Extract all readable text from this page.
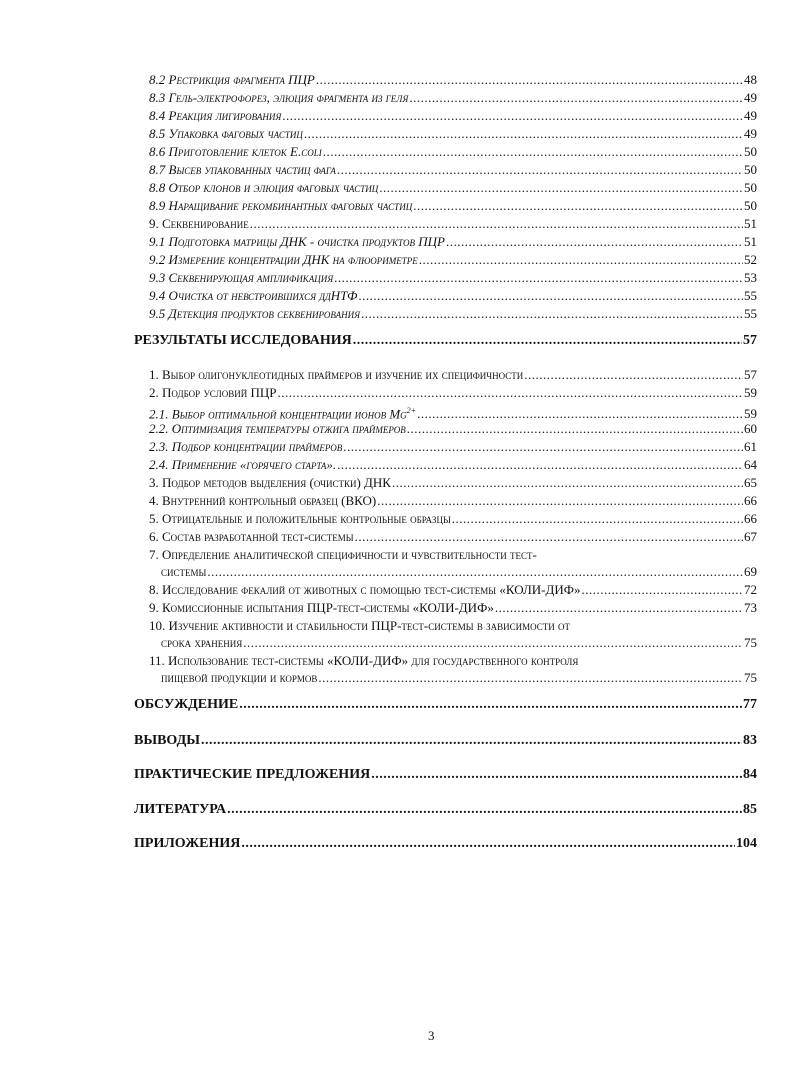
8.2 Рестрикция фрагмента ПЦР .....	48
8.3 Гель-электрофорез, элюция фрагмента из геля .....	49
8.4 Реакция лигирования .....	49
8.5 Упаковка фаговых частиц .....	49
8.6 Приготовление клеток E.coli .....	50
8.7 Высев упакованных частиц фага .....	50
8.8 Отбор клонов и элюция фаговых частиц .....	50
8.9 Наращивание рекомбинантных фаговых частиц .....	50
9. Секвенирование .....	51
9.1 Подготовка матрицы ДНК - очистка продуктов ПЦР .....	51
9.2 Измерение концентрации ДНК на флюориметре .....	52
9.3 Секвенирующая амплификация .....	53
9.4 Очистка от невстроившихся ддНТФ .....	55
9.5 Детекция продуктов секвенирования .....	55
РЕЗУЛЬТАТЫ ИССЛЕДОВАНИЯ .....	57
1. Выбор олигонуклеотидных праймеров и изучение их специфичности .....	57
2. Подбор условий ПЦР .....	59
2.1. Выбор оптимальной концентрации ионов $Mg^{2+}$ .....	59
2.2. Оптимизация температуры отжига праймеров .....	60
2.3. Подбор концентрации праймеров .....	61
2.4. Применение «горячего старта». .....	64
3. Подбор методов выделения (очистки) ДНК .....	65
4. Внутренний контрольный образец (ВКО) .....	66
5. Отрицательные и положительные контрольные образцы .....	66
6. Состав разработанной тест-системы .....	67
7. Определение аналитической специфичности и чувствительности тест-
системы .....	69
8. Исследование фекалий от животных с помощью тест-системы «КОЛИ-ДИФ» .....	72
9. Комиссионные испытания ПЦР-тест-системы «КОЛИ-ДИФ» .....	73
10. Изучение активности и стабильности ПЦР-тест-системы в зависимости от
срока хранения .....	75
11. Использование тест-системы «КОЛИ-ДИФ» для государственного контроля
пищевой продукции и кормов .....	75
ОБСУЖДЕНИЕ .....	77
ВЫВОДЫ .....	83
ПРАКТИЧЕСКИЕ ПРЕДЛОЖЕНИЯ .....	84
ЛИТЕРАТУРА .....	85
ПРИЛОЖЕНИЯ .....	104
3
